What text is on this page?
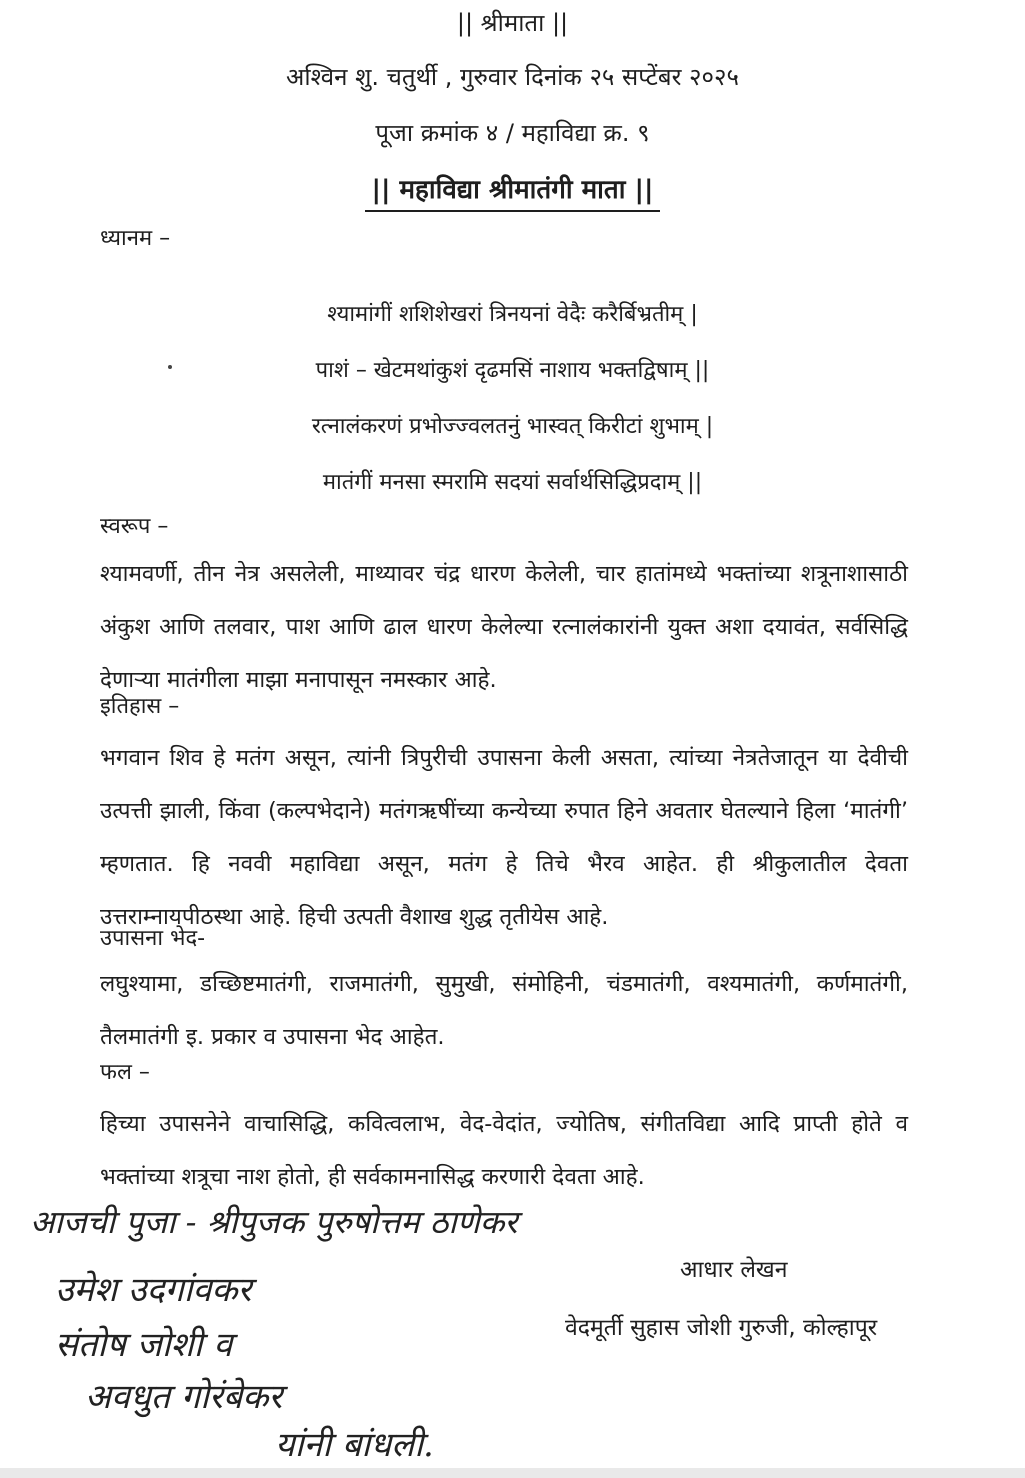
|| श्रीमाता ||
अश्विन शु. चतुर्थी , गुरुवार दिनांक २५ सप्टेंबर २०२५
पूजा क्रमांक ४ / महाविद्या क्र. ९
|| महाविद्या श्रीमातंगी माता ||
ध्यानम –
श्यामांगीं शशिशेखरां त्रिनयनां वेदैः करैर्बिभ्रतीम् |
पाशं – खेटमथांकुशं दृढमसिं नाशाय भक्तद्विषाम् ||
रत्नालंकरणं प्रभोज्ज्वलतनुं भास्वत् किरीटां शुभाम् |
मातंगीं मनसा स्मरामि सदयां सर्वार्थसिद्धिप्रदाम् ||
स्वरूप –
श्यामवर्णी, तीन नेत्र असलेली, माथ्यावर चंद्र धारण केलेली, चार हातांमध्ये भक्तांच्या शत्रूनाशासाठी अंकुश आणि तलवार, पाश आणि ढाल धारण केलेल्या रत्नालंकारांनी युक्त अशा दयावंत, सर्वसिद्धि देणाऱ्या मातंगीला माझा मनापासून नमस्कार आहे.
इतिहास –
भगवान शिव हे मतंग असून, त्यांनी त्रिपुरीची उपासना केली असता, त्यांच्या नेत्रतेजातून या देवीची उत्पत्ती झाली, किंवा (कल्पभेदाने) मतंगऋषींच्या कन्येच्या रुपात हिने अवतार घेतल्याने हिला ‘मातंगी’ म्हणतात. हि नववी महाविद्या असून, मतंग हे तिचे भैरव आहेत. ही श्रीकुलातील देवता उत्तराम्नायपीठस्था आहे. हिची उत्पती वैशाख शुद्ध तृतीयेस आहे.
उपासना भेद-
लघुश्यामा, डच्छिष्टमातंगी, राजमातंगी, सुमुखी, संमोहिनी, चंडमातंगी, वश्यमातंगी, कर्णमातंगी, तैलमातंगी इ. प्रकार व उपासना भेद आहेत.
फल –
हिच्या उपासनेने वाचासिद्धि, कवित्वलाभ, वेद-वेदांत, ज्योतिष, संगीतविद्या आदि प्राप्ती होते व भक्तांच्या शत्रूचा नाश होतो, ही सर्वकामनासिद्ध करणारी देवता आहे.
आजची पुजा - श्रीपुजक पुरुषोत्तम ठाणेकर
उमेश उदगांवकर
संतोष जोशी व
अवधुत गोरंबेकर
यांनी बांधली.
आधार लेखन
वेदमूर्ती सुहास जोशी गुरुजी, कोल्हापूर
